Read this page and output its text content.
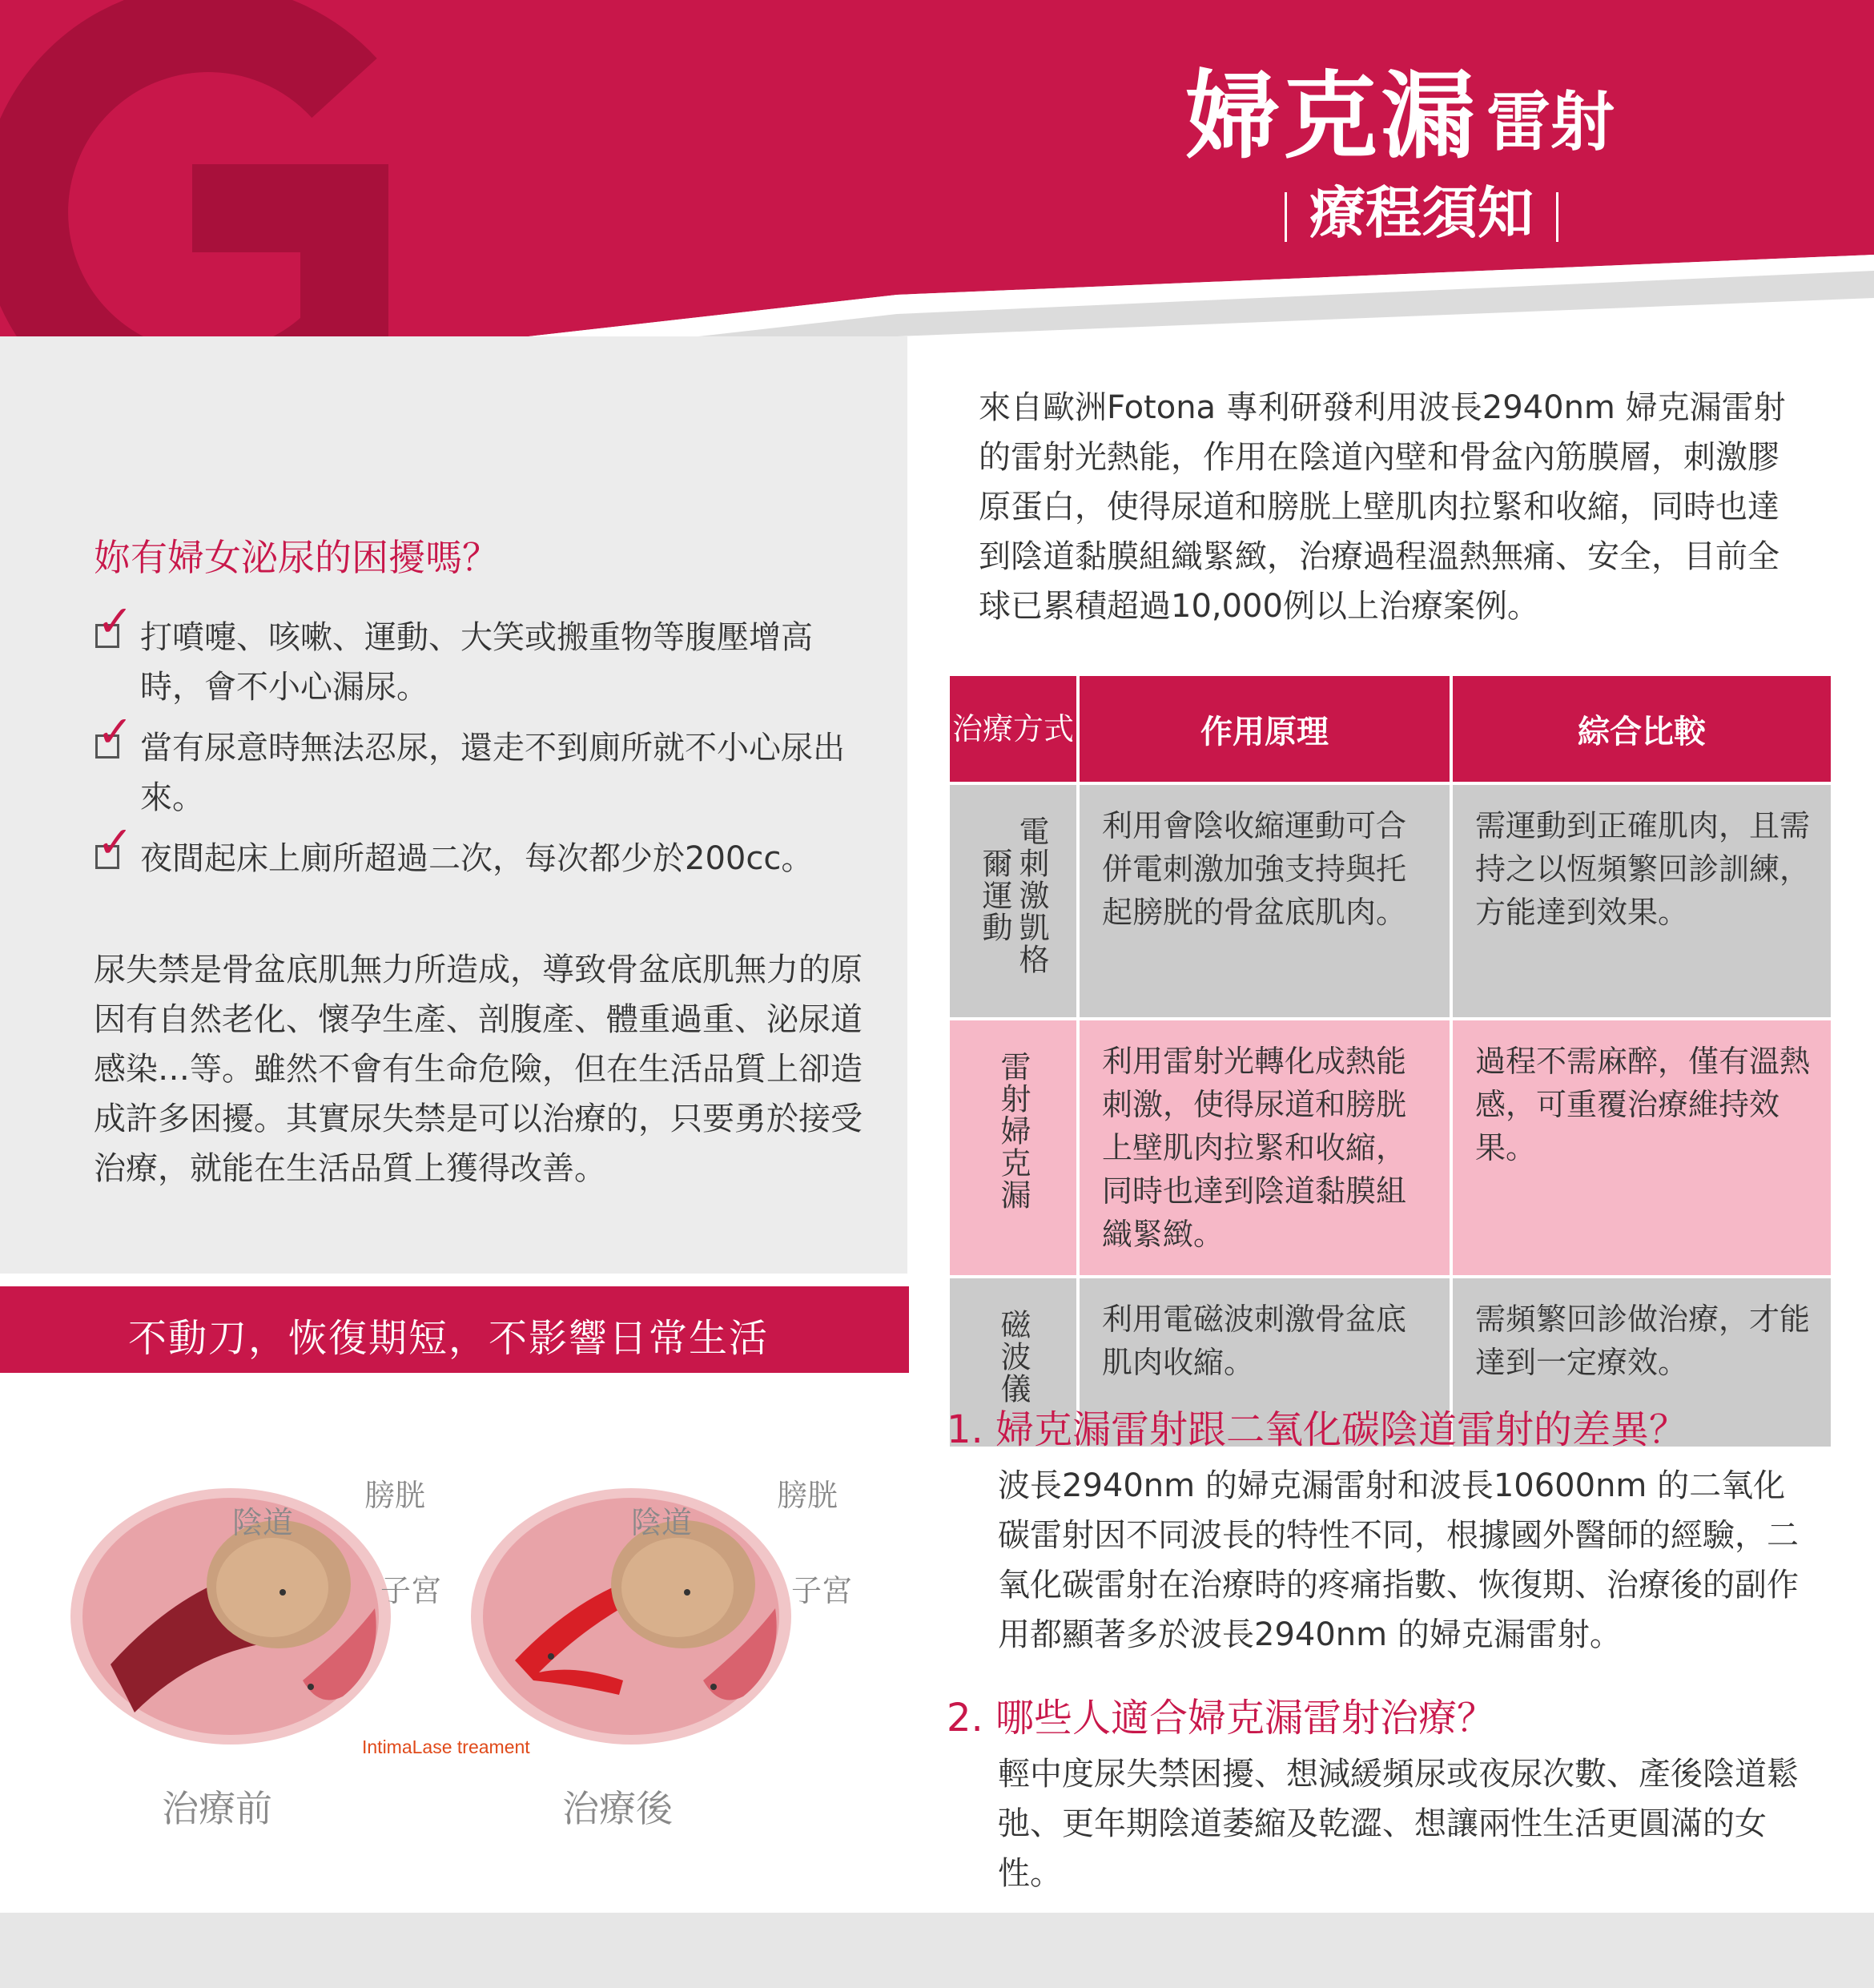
婦克漏 雷射
療程須知
妳有婦女泌尿的困擾嗎？
✓ 打噴嚏、咳嗽、運動、大笑或搬重物等腹壓增高時，會不小心漏尿。
✓ 當有尿意時無法忍尿，還走不到廁所就不小心尿出來。
✓ 夜間起床上廁所超過二次，每次都少於200cc。

尿失禁是骨盆底肌無力所造成，導致骨盆底肌無力的原因有自然老化、懷孕生產、剖腹產、體重過重、泌尿道感染…等。雖然不會有生命危險，但在生活品質上卻造成許多困擾。其實尿失禁是可以治療的，只要勇於接受治療，就能在生活品質上獲得改善。

不動刀，恢復期短，不影響日常生活
陰道
膀胱
子宮
IntimaLase treament
治療前
陰道
膀胱
子宮
治療後

來自歐洲Fotona 專利研發利用波長2940nm 婦克漏雷射的雷射光熱能，作用在陰道內壁和骨盆內筋膜層，刺激膠原蛋白，使得尿道和膀胱上壁肌肉拉緊和收縮，同時也達到陰道黏膜組織緊緻，治療過程溫熱無痛、安全，目前全球已累積超過10,000例以上治療案例。

治療方式	作用原理	綜合比較
電刺激凱格爾運動	利用會陰收縮運動可合併電刺激加強支持與托起膀胱的骨盆底肌肉。	需運動到正確肌肉，且需持之以恆頻繁回診訓練，方能達到效果。
雷射婦克漏	利用雷射光轉化成熱能刺激，使得尿道和膀胱上壁肌肉拉緊和收縮，同時也達到陰道黏膜組織緊緻。	過程不需麻醉，僅有溫熱感，可重覆治療維持效果。
磁波儀	利用電磁波刺激骨盆底肌肉收縮。	需頻繁回診做治療，才能達到一定療效。
1. 婦克漏雷射跟二氧化碳陰道雷射的差異？

波長2940nm 的婦克漏雷射和波長10600nm 的二氧化碳雷射因不同波長的特性不同，根據國外醫師的經驗，二氧化碳雷射在治療時的疼痛指數、恢復期、治療後的副作用都顯著多於波長2940nm 的婦克漏雷射。

2. 哪些人適合婦克漏雷射治療？

輕中度尿失禁困擾、想減緩頻尿或夜尿次數、產後陰道鬆弛、更年期陰道萎縮及乾澀、想讓兩性生活更圓滿的女性。
